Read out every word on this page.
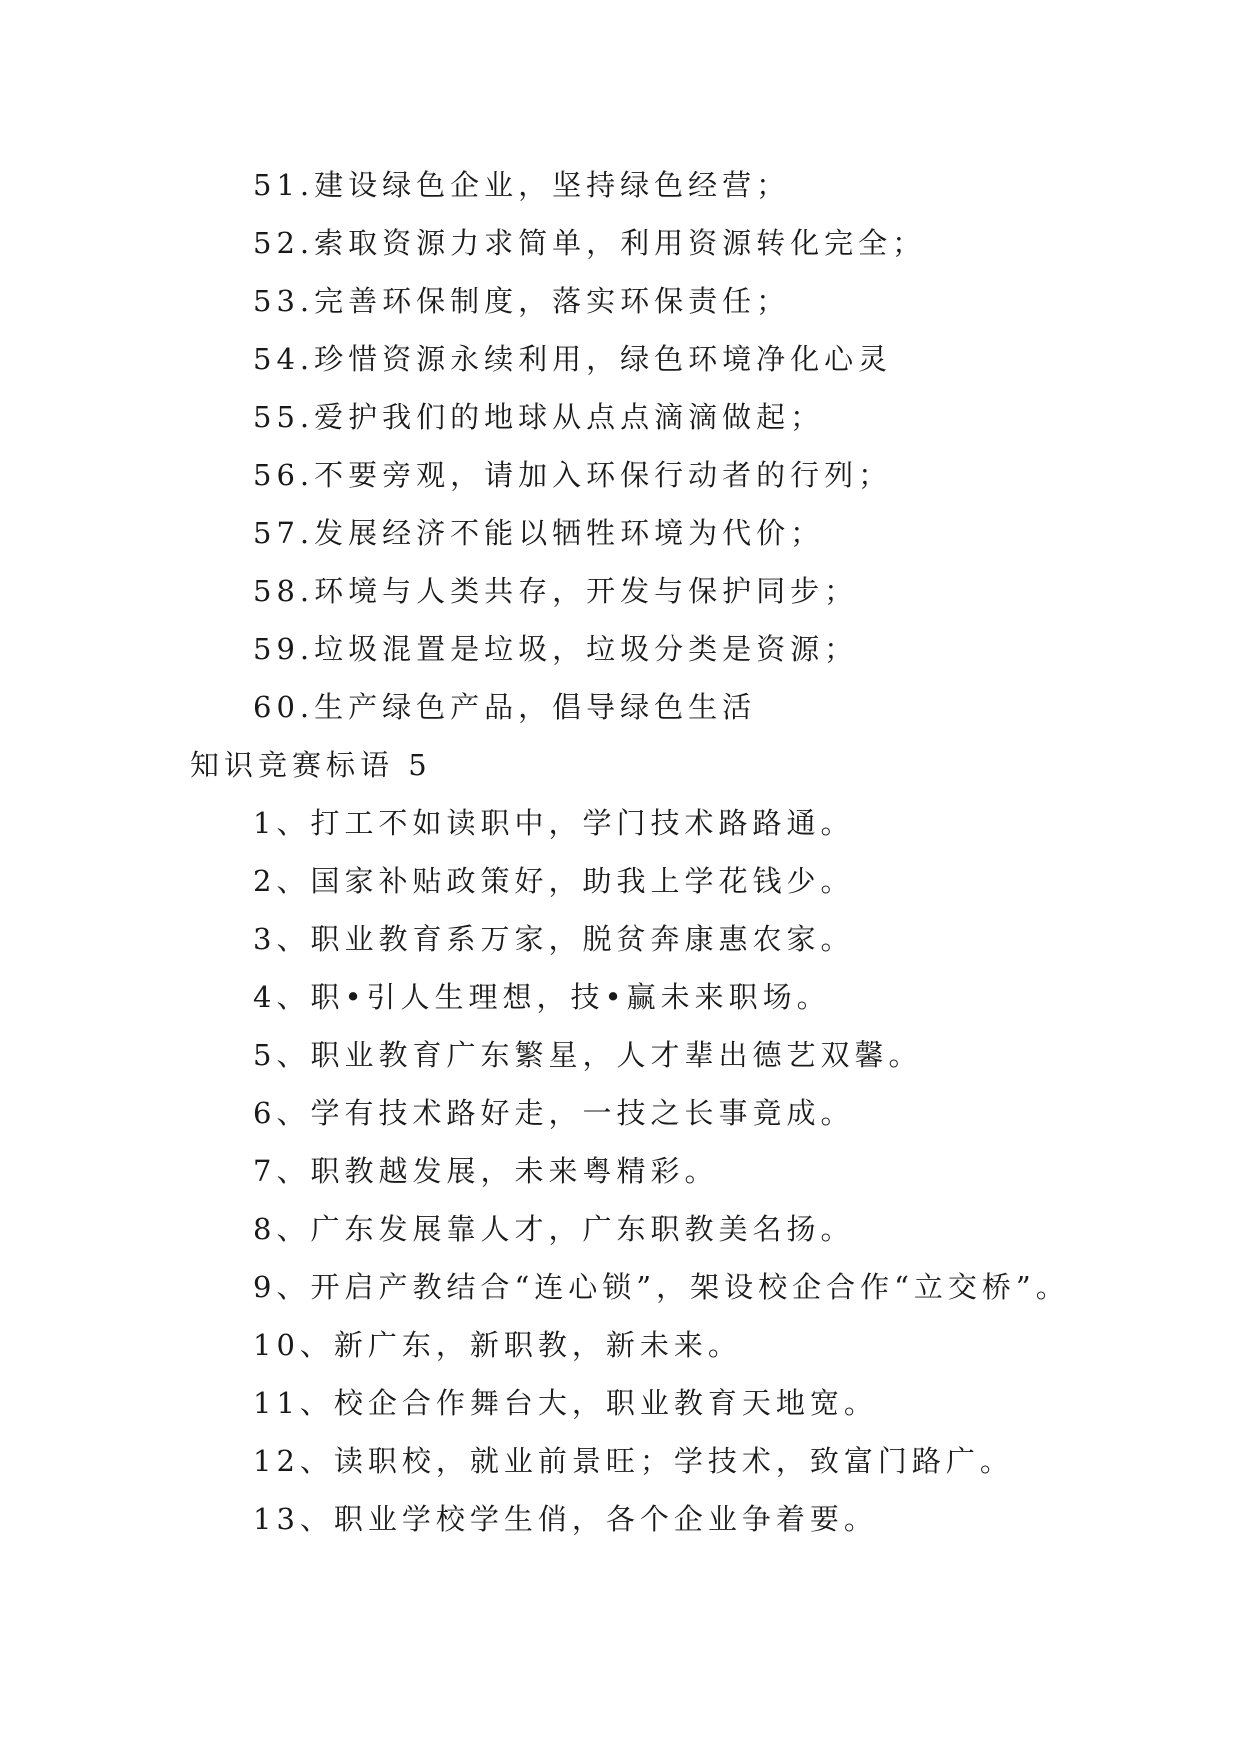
51.建设绿色企业，坚持绿色经营；
52.索取资源力求简单，利用资源转化完全；
53.完善环保制度，落实环保责任；
54.珍惜资源永续利用，绿色环境净化心灵
55.爱护我们的地球从点点滴滴做起；
56.不要旁观，请加入环保行动者的行列；
57.发展经济不能以牺牲环境为代价；
58.环境与人类共存，开发与保护同步；
59.垃圾混置是垃圾，垃圾分类是资源；
60.生产绿色产品，倡导绿色生活
知识竞赛标语 5
1、打工不如读职中，学门技术路路通。
2、国家补贴政策好，助我上学花钱少。
3、职业教育系万家，脱贫奔康惠农家。
4、职•引人生理想，技•赢未来职场。
5、职业教育广东繁星，人才辈出德艺双馨。
6、学有技术路好走，一技之长事竟成。
7、职教越发展，未来粤精彩。
8、广东发展靠人才，广东职教美名扬。
9、开启产教结合“连心锁”，架设校企合作“立交桥”。
10、新广东，新职教，新未来。
11、校企合作舞台大，职业教育天地宽。
12、读职校，就业前景旺；学技术，致富门路广。
13、职业学校学生俏，各个企业争着要。
